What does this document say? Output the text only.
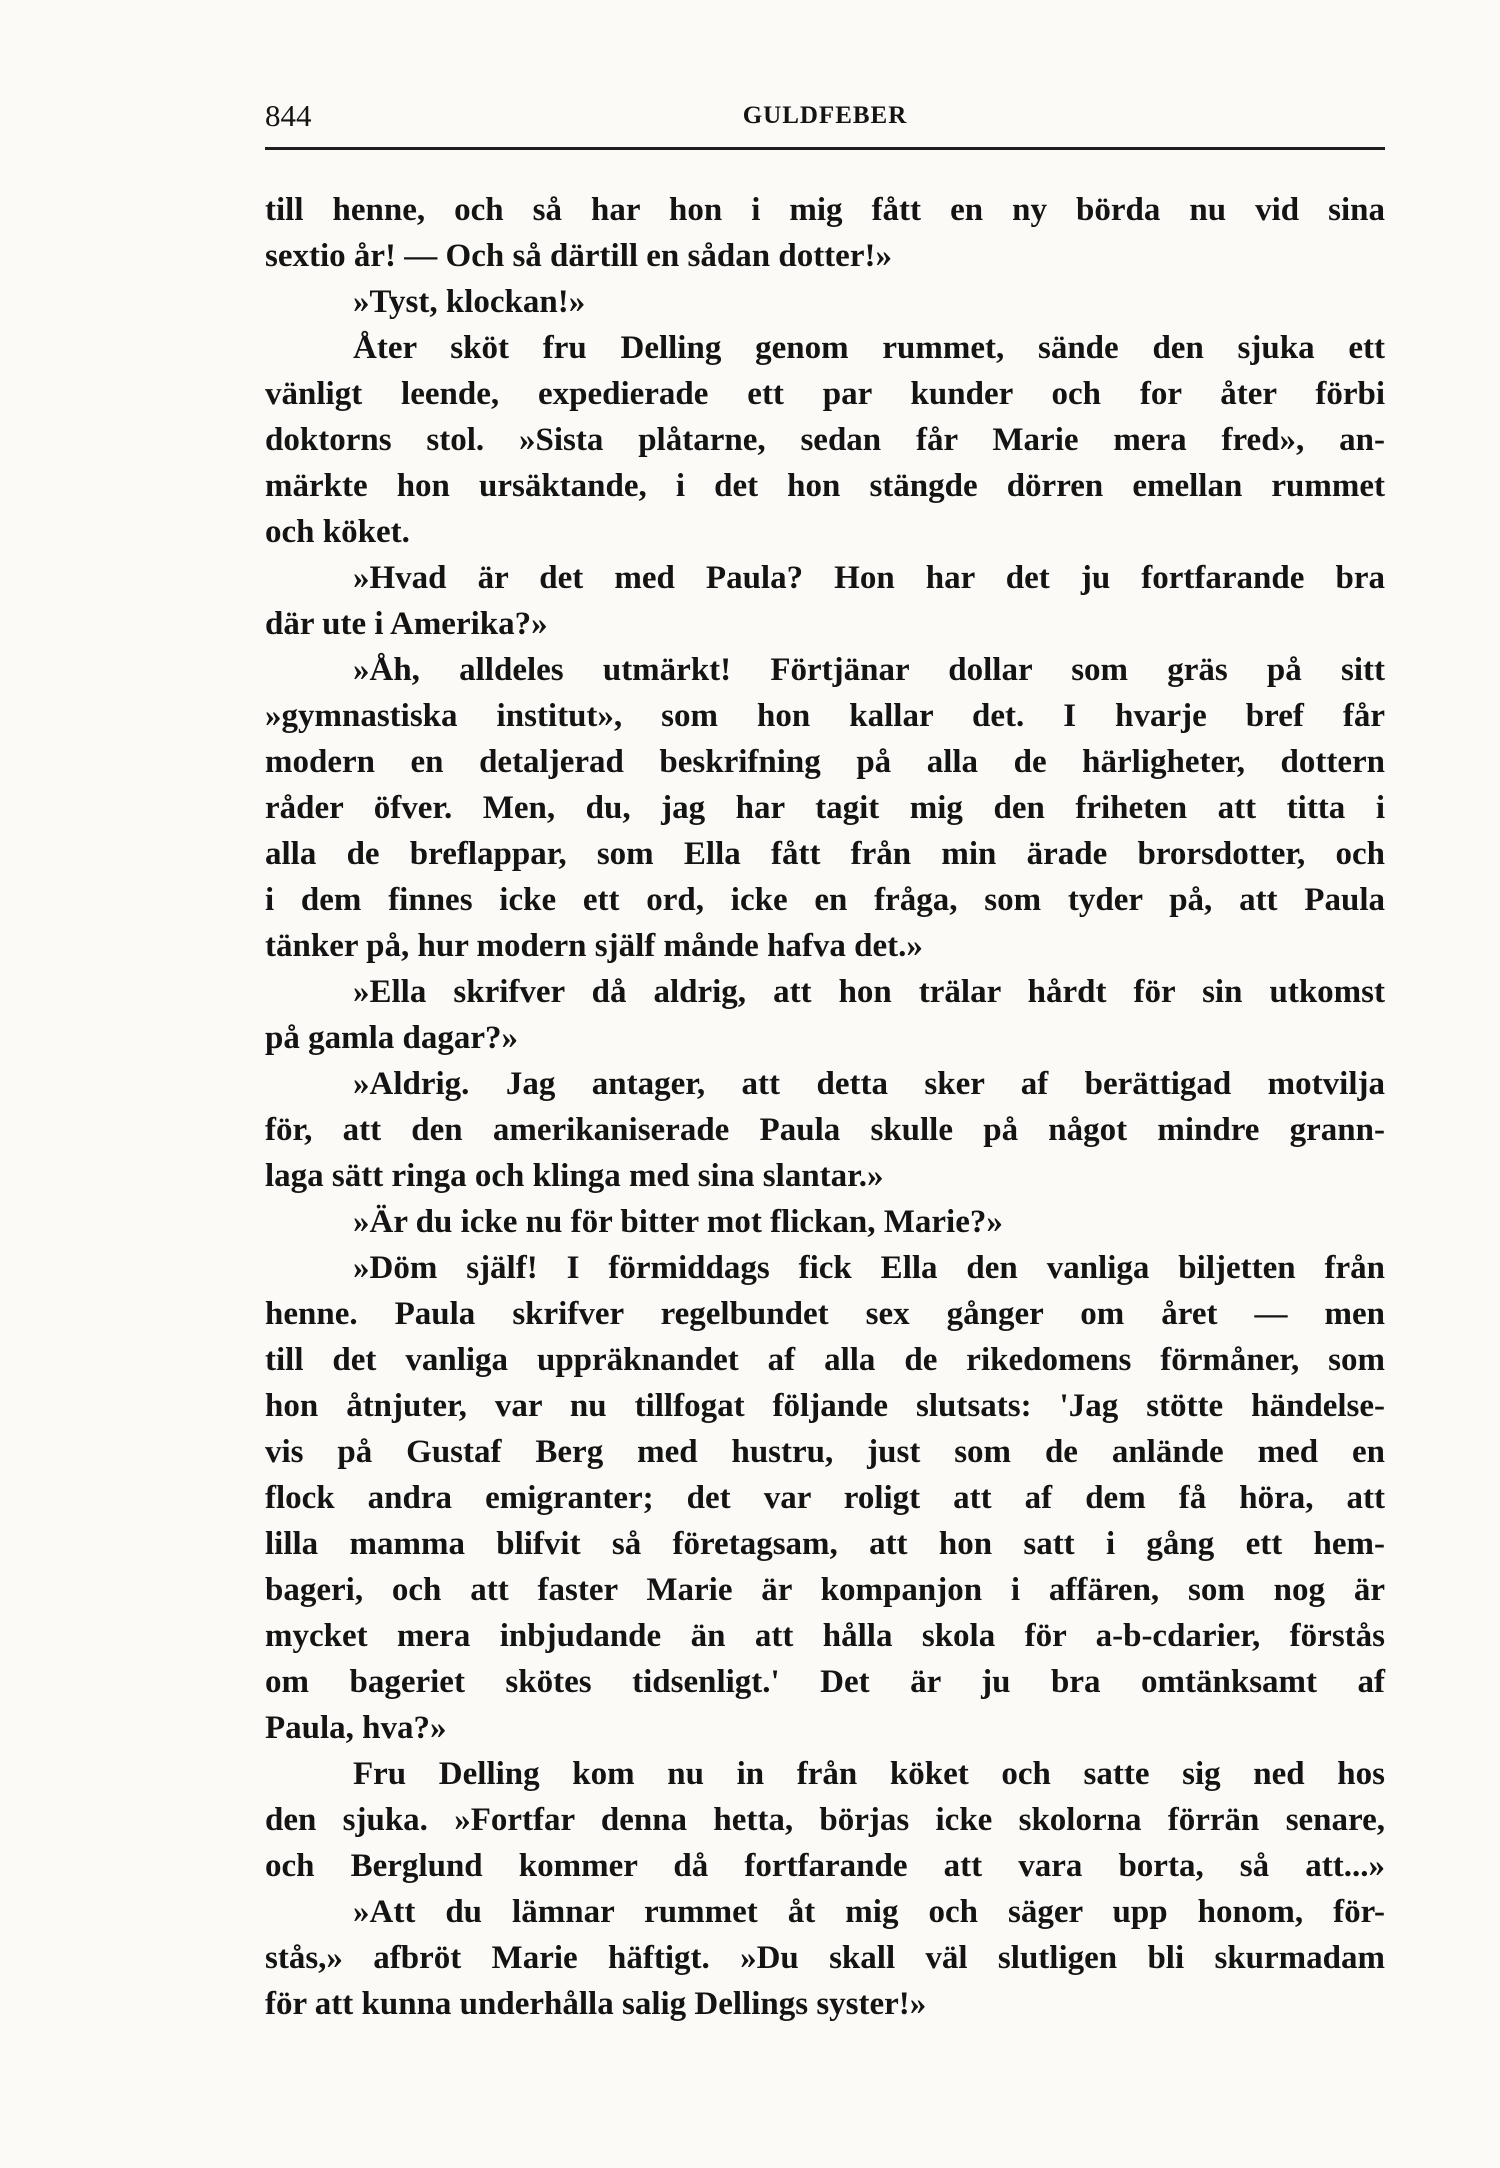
844	GULDFEBER
till henne, och så har hon i mig fått en ny börda nu vid sina
sextio år! — Och så därtill en sådan dotter!»
»Tyst, klockan!»
Åter sköt fru Delling genom rummet, sände den sjuka ett
vänligt leende, expedierade ett par kunder och for åter förbi
doktorns stol. »Sista plåtarne, sedan får Marie mera fred», an-
märkte hon ursäktande, i det hon stängde dörren emellan rummet
och köket.
»Hvad är det med Paula? Hon har det ju fortfarande bra
där ute i Amerika?»
»Åh, alldeles utmärkt! Förtjänar dollar som gräs på sitt
»gymnastiska institut», som hon kallar det. I hvarje bref får
modern en detaljerad beskrifning på alla de härligheter, dottern
råder öfver. Men, du, jag har tagit mig den friheten att titta i
alla de breflappar, som Ella fått från min ärade brorsdotter, och
i dem finnes icke ett ord, icke en fråga, som tyder på, att Paula
tänker på, hur modern själf månde hafva det.»
»Ella skrifver då aldrig, att hon trälar hårdt för sin utkomst
på gamla dagar?»
»Aldrig. Jag antager, att detta sker af berättigad motvilja
för, att den amerikaniserade Paula skulle på något mindre grann-
laga sätt ringa och klinga med sina slantar.»
»Är du icke nu för bitter mot flickan, Marie?»
»Döm själf! I förmiddags fick Ella den vanliga biljetten från
henne. Paula skrifver regelbundet sex gånger om året — men
till det vanliga uppräknandet af alla de rikedomens förmåner, som
hon åtnjuter, var nu tillfogat följande slutsats: 'Jag stötte händelse-
vis på Gustaf Berg med hustru, just som de anlände med en
flock andra emigranter; det var roligt att af dem få höra, att
lilla mamma blifvit så företagsam, att hon satt i gång ett hem-
bageri, och att faster Marie är kompanjon i affären, som nog är
mycket mera inbjudande än att hålla skola för a-b-cdarier, förstås
om bageriet skötes tidsenligt.' Det är ju bra omtänksamt af
Paula, hva?»
Fru Delling kom nu in från köket och satte sig ned hos
den sjuka. »Fortfar denna hetta, börjas icke skolorna förrän senare,
och Berglund kommer då fortfarande att vara borta, så att...»
»Att du lämnar rummet åt mig och säger upp honom, för-
stås,» afbröt Marie häftigt. »Du skall väl slutligen bli skurmadam
för att kunna underhålla salig Dellings syster!»
